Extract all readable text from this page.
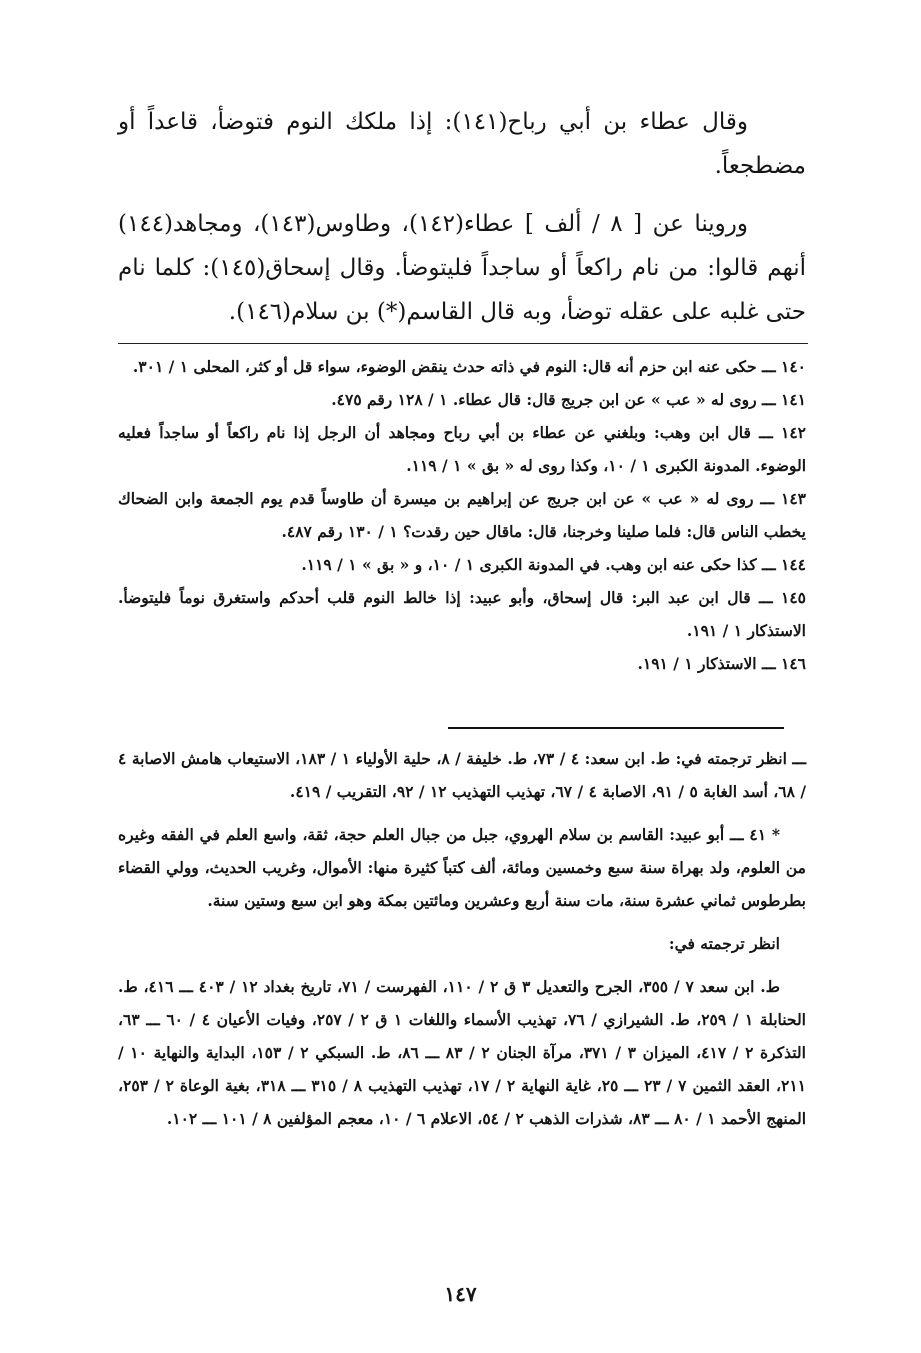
وقال عطاء بن أبي رباح(١٤١): إذا ملكك النوم فتوضأ، قاعداً أو مضطجعاً.

وروينا عن [ ٨ / ألف ] عطاء(١٤٢)، وطاوس(١٤٣)، ومجاهد(١٤٤) أنهم قالوا: من نام راكعاً أو ساجداً فليتوضأ. وقال إسحاق(١٤٥): كلما نام حتى غلبه على عقله توضأ، وبه قال القاسم(*) بن سلام(١٤٦).

١٤٠ ـــ حكى عنه ابن حزم أنه قال: النوم في ذاته حدث ينقض الوضوء، سواء قل أو كثر، المحلى ١ / ٣٠١.

١٤١ ـــ روى له « عب » عن ابن جريج قال: قال عطاء. ١ / ١٢٨ رقم ٤٧٥.

١٤٢ ـــ قال ابن وهب: وبلغني عن عطاء بن أبي رباح ومجاهد أن الرجل إذا نام راكعاً أو ساجداً فعليه الوضوء. المدونة الكبرى ١ / ١٠، وكذا روى له « بق » ١ / ١١٩.

١٤٣ ـــ روى له « عب » عن ابن جريج عن إبراهيم بن ميسرة أن طاوساً قدم يوم الجمعة وابن الضحاك يخطب الناس قال: فلما صلينا وخرجنا، قال: ماقال حين رقدت؟ ١ / ١٣٠ رقم ٤٨٧.

١٤٤ ـــ كذا حكى عنه ابن وهب. في المدونة الكبرى ١ / ١٠، و « بق » ١ / ١١٩.

١٤٥ ـــ قال ابن عبد البر: قال إسحاق، وأبو عبيد: إذا خالط النوم قلب أحدكم واستغرق نوماً فليتوضأ. الاستذكار ١ / ١٩١.

١٤٦ ـــ الاستذكار ١ / ١٩١.

ـــ انظر ترجمته في: ط. ابن سعد: ٤ / ٧٣، ط. خليفة / ٨، حلية الأولياء ١ / ١٨٣، الاستيعاب هامش الاصابة ٤ / ٦٨، أسد الغابة ٥ / ٩١، الاصابة ٤ / ٦٧، تهذيب التهذيب ١٢ / ٩٢، التقريب / ٤١٩.

* ٤١ ـــ أبو عبيد: القاسم بن سلام الهروي، جبل من جبال العلم حجة، ثقة، واسع العلم في الفقه وغيره من العلوم، ولد بهراة سنة سبع وخمسين ومائة، ألف كتباً كثيرة منها: الأموال، وغريب الحديث، وولي القضاء بطرطوس ثماني عشرة سنة، مات سنة أربع وعشرين ومائتين بمكة وهو ابن سبع وستين سنة.

انظر ترجمته في:

ط. ابن سعد ٧ / ٣٥٥، الجرح والتعديل ٣ ق ٢ / ١١٠، الفهرست / ٧١، تاريخ بغداد ١٢ / ٤٠٣ ـــ ٤١٦، ط. الحنابلة ١ / ٢٥٩، ط. الشيرازي / ٧٦، تهذيب الأسماء واللغات ١ ق ٢ / ٢٥٧، وفيات الأعيان ٤ / ٦٠ ـــ ٦٣، التذكرة ٢ / ٤١٧، الميزان ٣ / ٣٧١، مرآة الجنان ٢ / ٨٣ ـــ ٨٦، ط. السبكي ٢ / ١٥٣، البداية والنهاية ١٠ / ٢١١، العقد الثمين ٧ / ٢٣ ـــ ٢٥، غاية النهاية ٢ / ١٧، تهذيب التهذيب ٨ / ٣١٥ ـــ ٣١٨، بغية الوعاة ٢ / ٢٥٣، المنهج الأحمد ١ / ٨٠ ـــ ٨٣، شذرات الذهب ٢ / ٥٤، الاعلام ٦ / ١٠، معجم المؤلفين ٨ / ١٠١ ـــ ١٠٢.

١٤٧
